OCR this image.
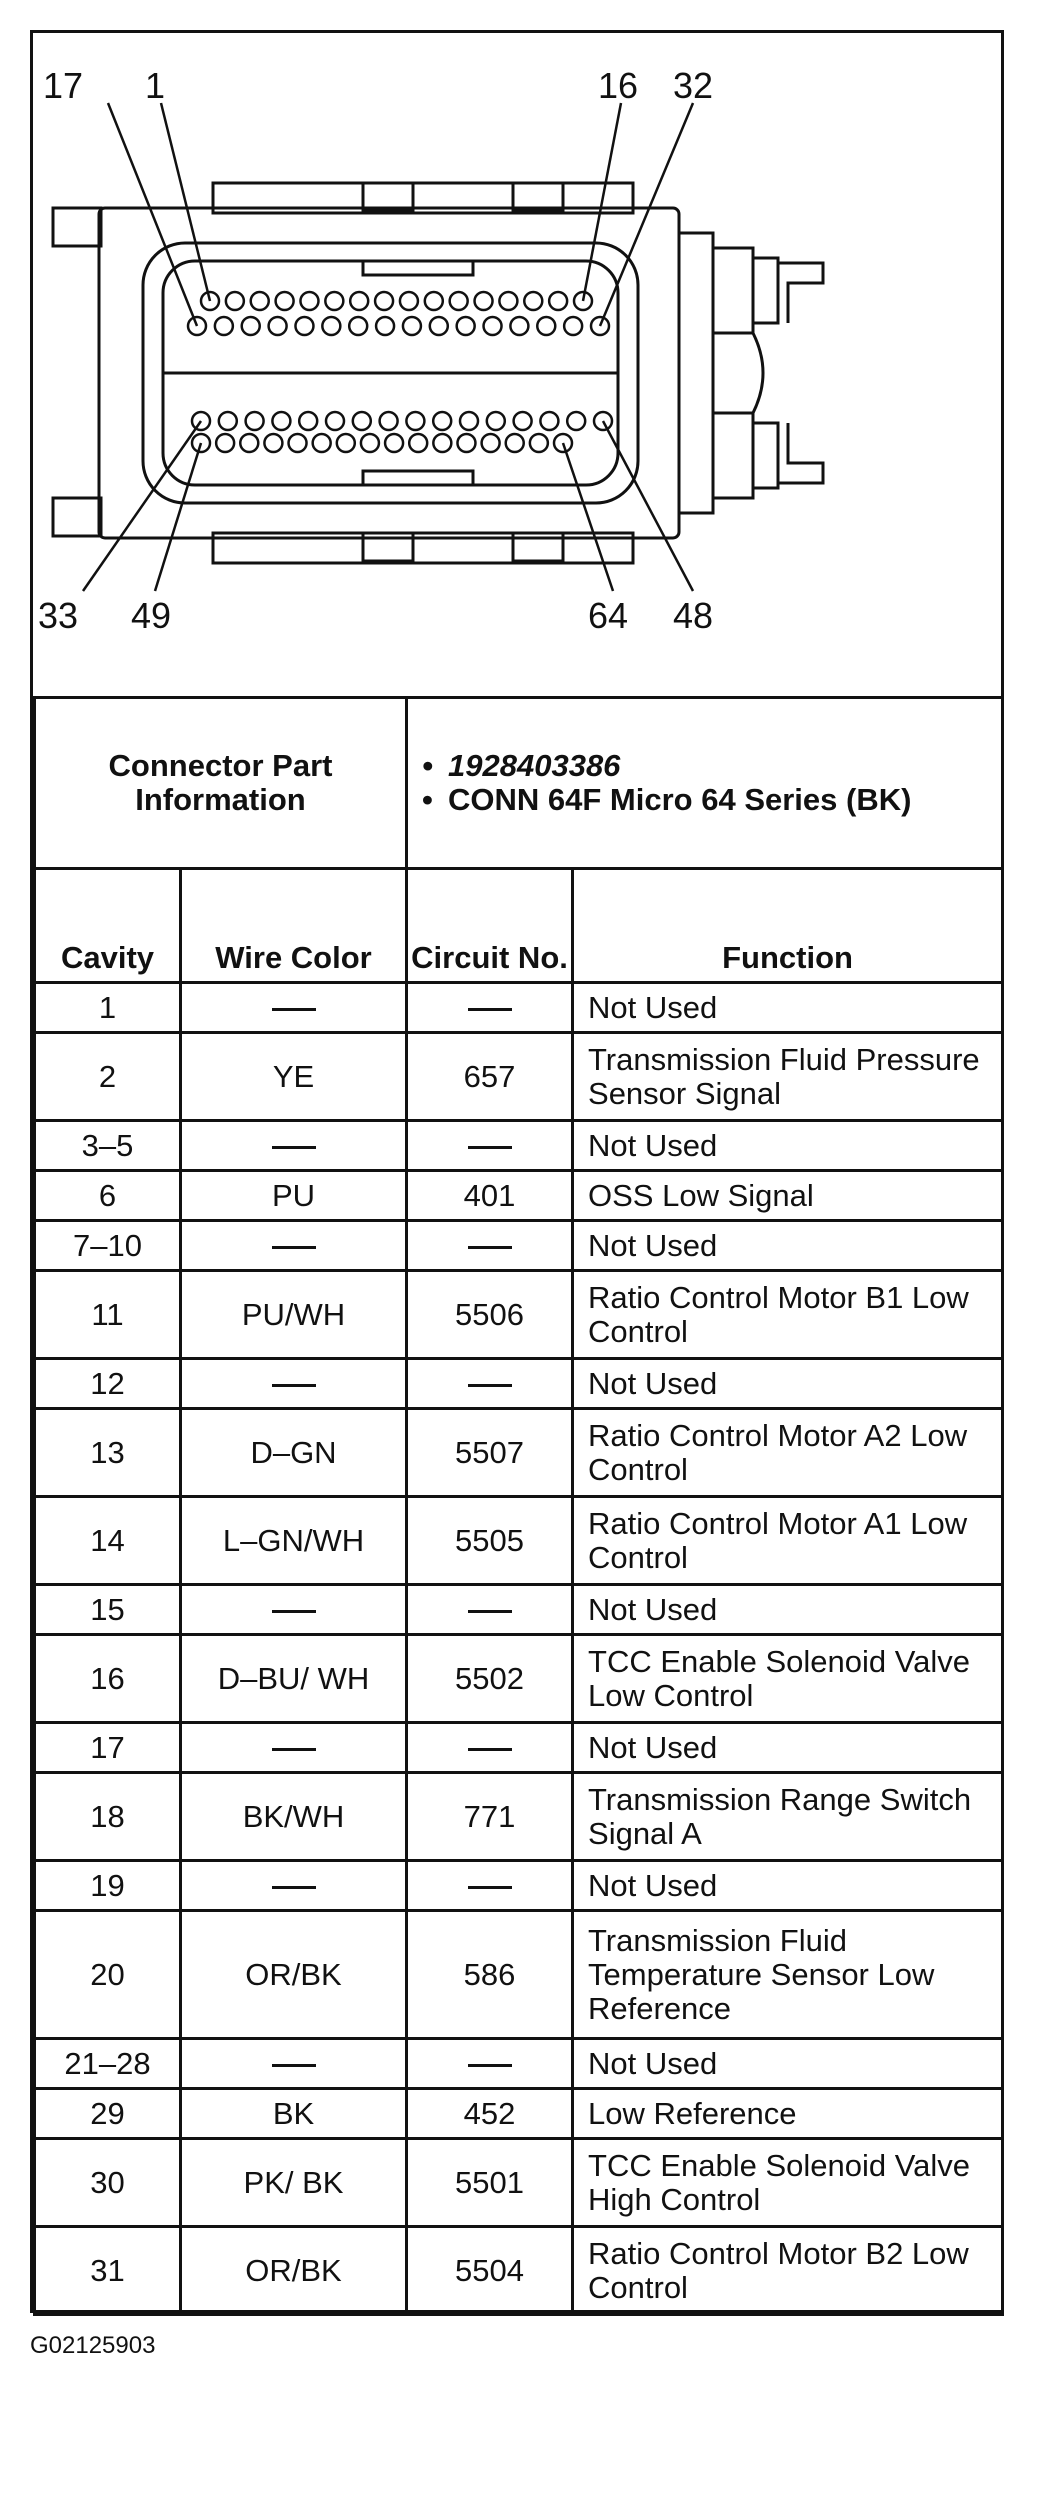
17 1	16 32
33 49	64 48
Connector Part Information		• 1928403386
• CONN 64F Micro 64 Series (BK)

Cavity	Wire Color	Circuit No.	Function
1			Not Used
2	YE	657	Transmission Fluid Pressure Sensor Signal
3–5			Not Used
6	PU	401	OSS Low Signal
7–10			Not Used
11	PU/WH	5506	Ratio Control Motor B1 Low Control
12			Not Used
13	D–GN	5507	Ratio Control Motor A2 Low Control
14	L–GN/WH	5505	Ratio Control Motor A1 Low Control
15			Not Used
16	D–BU/ WH	5502	TCC Enable Solenoid Valve Low Control
17			Not Used
18	BK/WH	771	Transmission Range Switch Signal A
19			Not Used
20	OR/BK	586	Transmission Fluid Temperature Sensor Low Reference
21–28			Not Used
29	BK	452	Low Reference
30	PK/ BK	5501	TCC Enable Solenoid Valve High Control
31	OR/BK	5504	Ratio Control Motor B2 Low Control
G02125903
